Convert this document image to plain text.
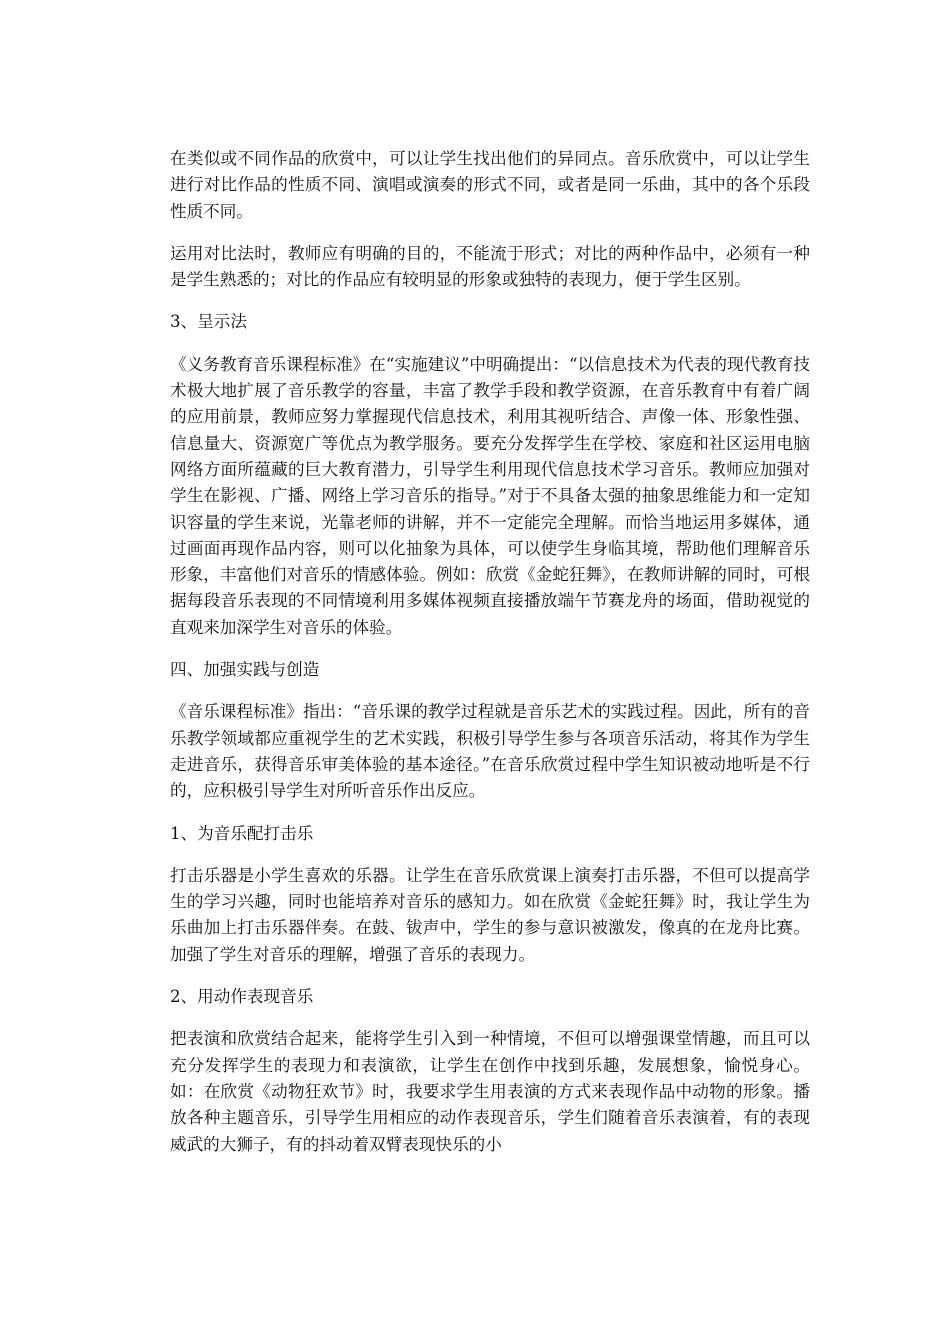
在类似或不同作品的欣赏中，可以让学生找出他们的异同点。音乐欣赏中，可以让学生进行对比作品的性质不同、演唱或演奏的形式不同，或者是同一乐曲，其中的各个乐段性质不同。

运用对比法时，教师应有明确的目的，不能流于形式；对比的两种作品中，必须有一种是学生熟悉的；对比的作品应有较明显的形象或独特的表现力，便于学生区别。

3、呈示法

《义务教育音乐课程标准》在“实施建议”中明确提出：“以信息技术为代表的现代教育技术极大地扩展了音乐教学的容量，丰富了教学手段和教学资源，在音乐教育中有着广阔的应用前景，教师应努力掌握现代信息技术，利用其视听结合、声像一体、形象性强、信息量大、资源宽广等优点为教学服务。要充分发挥学生在学校、家庭和社区运用电脑网络方面所蕴藏的巨大教育潜力，引导学生利用现代信息技术学习音乐。教师应加强对学生在影视、广播、网络上学习音乐的指导。”对于不具备太强的抽象思维能力和一定知识容量的学生来说，光靠老师的讲解，并不一定能完全理解。而恰当地运用多媒体，通过画面再现作品内容，则可以化抽象为具体，可以使学生身临其境，帮助他们理解音乐形象，丰富他们对音乐的情感体验。例如：欣赏《金蛇狂舞》，在教师讲解的同时，可根据每段音乐表现的不同情境利用多媒体视频直接播放端午节赛龙舟的场面，借助视觉的直观来加深学生对音乐的体验。

四、加强实践与创造

《音乐课程标准》指出：“音乐课的教学过程就是音乐艺术的实践过程。因此，所有的音乐教学领域都应重视学生的艺术实践，积极引导学生参与各项音乐活动，将其作为学生走进音乐，获得音乐审美体验的基本途径。”在音乐欣赏过程中学生知识被动地听是不行的，应积极引导学生对所听音乐作出反应。

1、为音乐配打击乐

打击乐器是小学生喜欢的乐器。让学生在音乐欣赏课上演奏打击乐器，不但可以提高学生的学习兴趣，同时也能培养对音乐的感知力。如在欣赏《金蛇狂舞》时，我让学生为乐曲加上打击乐器伴奏。在鼓、钹声中，学生的参与意识被激发，像真的在龙舟比赛。加强了学生对音乐的理解，增强了音乐的表现力。

2、用动作表现音乐

把表演和欣赏结合起来，能将学生引入到一种情境，不但可以增强课堂情趣，而且可以充分发挥学生的表现力和表演欲，让学生在创作中找到乐趣，发展想象，愉悦身心。如：在欣赏《动物狂欢节》时，我要求学生用表演的方式来表现作品中动物的形象。播放各种主题音乐，引导学生用相应的动作表现音乐，学生们随着音乐表演着，有的表现威武的大狮子，有的抖动着双臂表现快乐的小
